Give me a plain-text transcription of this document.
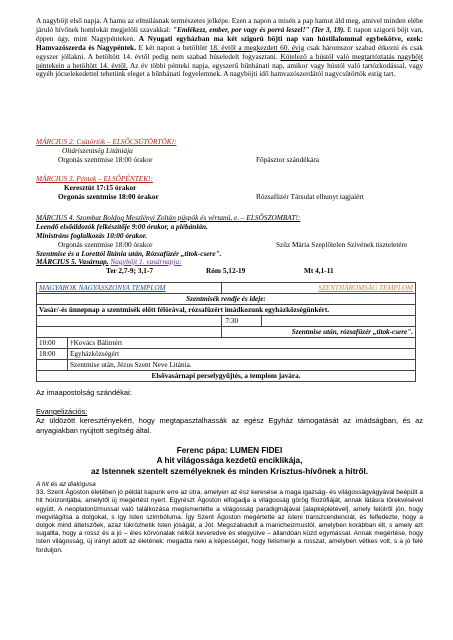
A nagyböjt első napja. A hamu az elmúlásnak természetes jelképe. Ezen a napon a misén a pap hamut áld meg, amivel minden elébe járuló hívőnek homlokát megjelöli szavakkal: "Emlékezz, ember, por vagy és porrá leszel!" (Ter 3, 19). E napon szigorú böjt van, éppen úgy, mint Nagypénteken. A Nyugati egyházban ma két szigorú böjti nap van hústilalommal egybekötve, ezek: Hamvazószerda és Nagypéntek. E két napon a betöltött 18. évtől a megkezdett 60. évig csak háromszor szabad étkezni és csak egyszer jóllakni. A betöltött 14. évtől pedig nem szabad húseledelt fogyasztani. Kötelező a hústól való megtartóztatás nagyböjt péntekein a betöltött 14. évtől. Az év többi pénteki napja, egyszerű bűnbánati nap, amikor vagy hústól való tartózkodással, vagy egyéb jócselekedettel tehetünk eleget a bűnbánati fegyelemnek. A nagyböjti idő hamvazószerdától nagycsütörtök estig tart.
MÁRCIUS 2. Csütörtök – ELSŐCSÜTÖRTÖK!:
Oltáriszentség Litániája
Orgonás szentmise 18:00 órakor	Főpásztor szándékára
MÁRCIUS 3. Péntek – ELSŐPÉNTEK!:
Keresztút 17:15 órakor
Orgonás szentmise 18:00 órakor	Rózsafüzér Társulat elhunyt tagjaiért
MÁRCIUS 4. Szombat Boldog Meszlényi Zoltán püspök és vértanú, e. – ELSŐSZOMBAT!:
Leendő elsőáldozók felkészítője 9:00 órakor, a plébánián.
Ministráns foglalkozás 10:00 órakor.
Orgonás szentmise 18:00 órakor	Szűz Mária Szeplőtelen Szívének tiszteletére
Szentmise és a Lorettói litánia után, Rózsafüzér „titok-csere".
MÁRCIUS 5. Vasárnap. Nagyböjt 1. vasárnapja:
Ter 2,7-9; 3,1-7	Róm 5,12-19	Mt 4,1-11
MAGYAROK NAGYASSZONYA TEMPLOM		SZENTHÁROMSÁG TEMPLOM
Szentmisék rendje és ideje:		
Vasár/-és ünnepnap a szentmisék előtt félórával, rózsafüzért imádkozunk egyházközségünkért.		

		7:30

		Szentmise után, rózsafüzér „titok-csere".
10:00	†Kovács Bálintért	
18:00	Egyházközségért	
	Szentmise után, Jézus Szent Neve Litánia.	
Elsővasárnapi perselygyűjtés, a templom javára.		
Az imaapostolság szándékai:
Evangelizációs:
Az üldözött keresztényekért, hogy megtapasztalhassák az egész Egyház támogatását az imádságban, és az anyagiakban nyújtott segítség által.
Ferenc pápa: LUMEN FIDEI
A hit világossága kezdetű enciklikája,
az Istennek szentelt személyeknek és minden Krisztus-hívőnek a hitről.
A hit és az dialógusa
33. Szent Ágoston életében jó példát kapunk erre az útra, amelyen az ész keresése a maga igazság- és világosságvágyával beépült a hit horizontjába, amelytől új megértést nyert. Egyrészt Ágoston elfogadja a világosság görög filozófiáját, annak látásra törekvésével együtt. A neoplatonizmussal való találkozása megismertette a világosság paradigmájával [alapképletével], amely felülről jön, hogy megvilágítsa a dolgokat, s így Isten szimbóluma. Így Szent Ágoston megértette az isteni transzcendenciát, és felfedezte, hogy a dolgok mind áttetszőek, azaz tükrözhetik Isten jóságát, a Jót. Megszabadult a manicheizmustól, amelyben korábban élt, s amely azt sugallta, hogy a rossz és a jó – éles körvonalak nélkül keveredve és elegyülve – állandóan küzd egymással. Annak megértése, hogy Isten világosság, új irányt adott az életének: megadta neki a képességet, hogy felismerje a rosszat, amelyben vétkes volt, s a jó felé forduljon.
